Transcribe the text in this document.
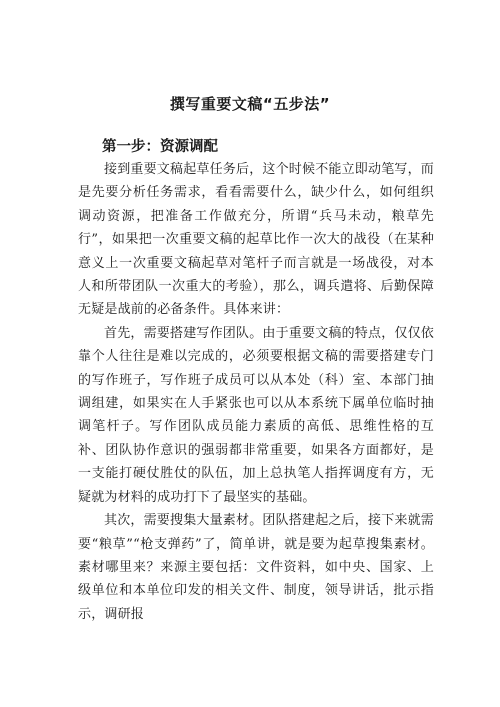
撰写重要文稿“五步法”
第一步：资源调配

接到重要文稿起草任务后，这个时候不能立即动笔写，而是先要分析任务需求，看看需要什么，缺少什么，如何组织调动资源，把准备工作做充分，所谓“兵马未动，粮草先行”，如果把一次重要文稿的起草比作一次大的战役（在某种意义上一次重要文稿起草对笔杆子而言就是一场战役，对本人和所带团队一次重大的考验），那么，调兵遣将、后勤保障无疑是战前的必备条件。具体来讲：

首先，需要搭建写作团队。由于重要文稿的特点，仅仅依靠个人往往是难以完成的，必须要根据文稿的需要搭建专门的写作班子，写作班子成员可以从本处（科）室、本部门抽调组建，如果实在人手紧张也可以从本系统下属单位临时抽调笔杆子。写作团队成员能力素质的高低、思维性格的互补、团队协作意识的强弱都非常重要，如果各方面都好，是一支能打硬仗胜仗的队伍，加上总执笔人指挥调度有方，无疑就为材料的成功打下了最坚实的基础。

其次，需要搜集大量素材。团队搭建起之后，接下来就需要“粮草”“枪支弹药”了，简单讲，就是要为起草搜集素材。素材哪里来？来源主要包括：文件资料，如中央、国家、上级单位和本单位印发的相关文件、制度，领导讲话，批示指示，调研报
